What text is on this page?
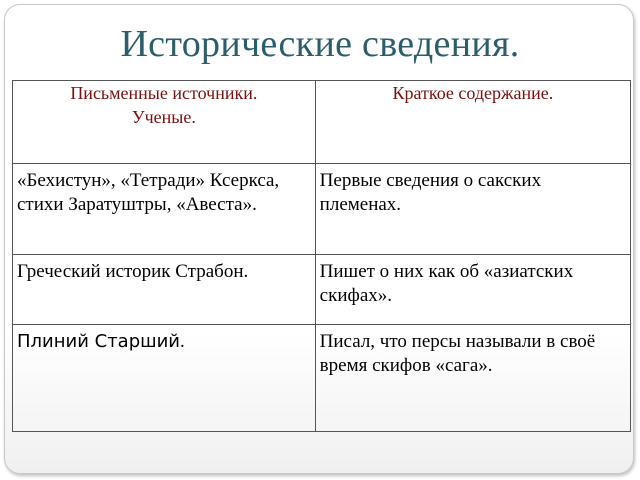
Исторические сведения.
Письменные источники.
Ученые.	Краткое содержание.

«Бехистун», «Тетради» Ксеркса, стихи Заратуштры, «Авеста».	Первые сведения о сакских племенах.

Греческий историк Страбон.	Пишет о них как об «азиатских скифах».

Плиний Старший.	Писал, что персы называли в своё время скифов «сага».
